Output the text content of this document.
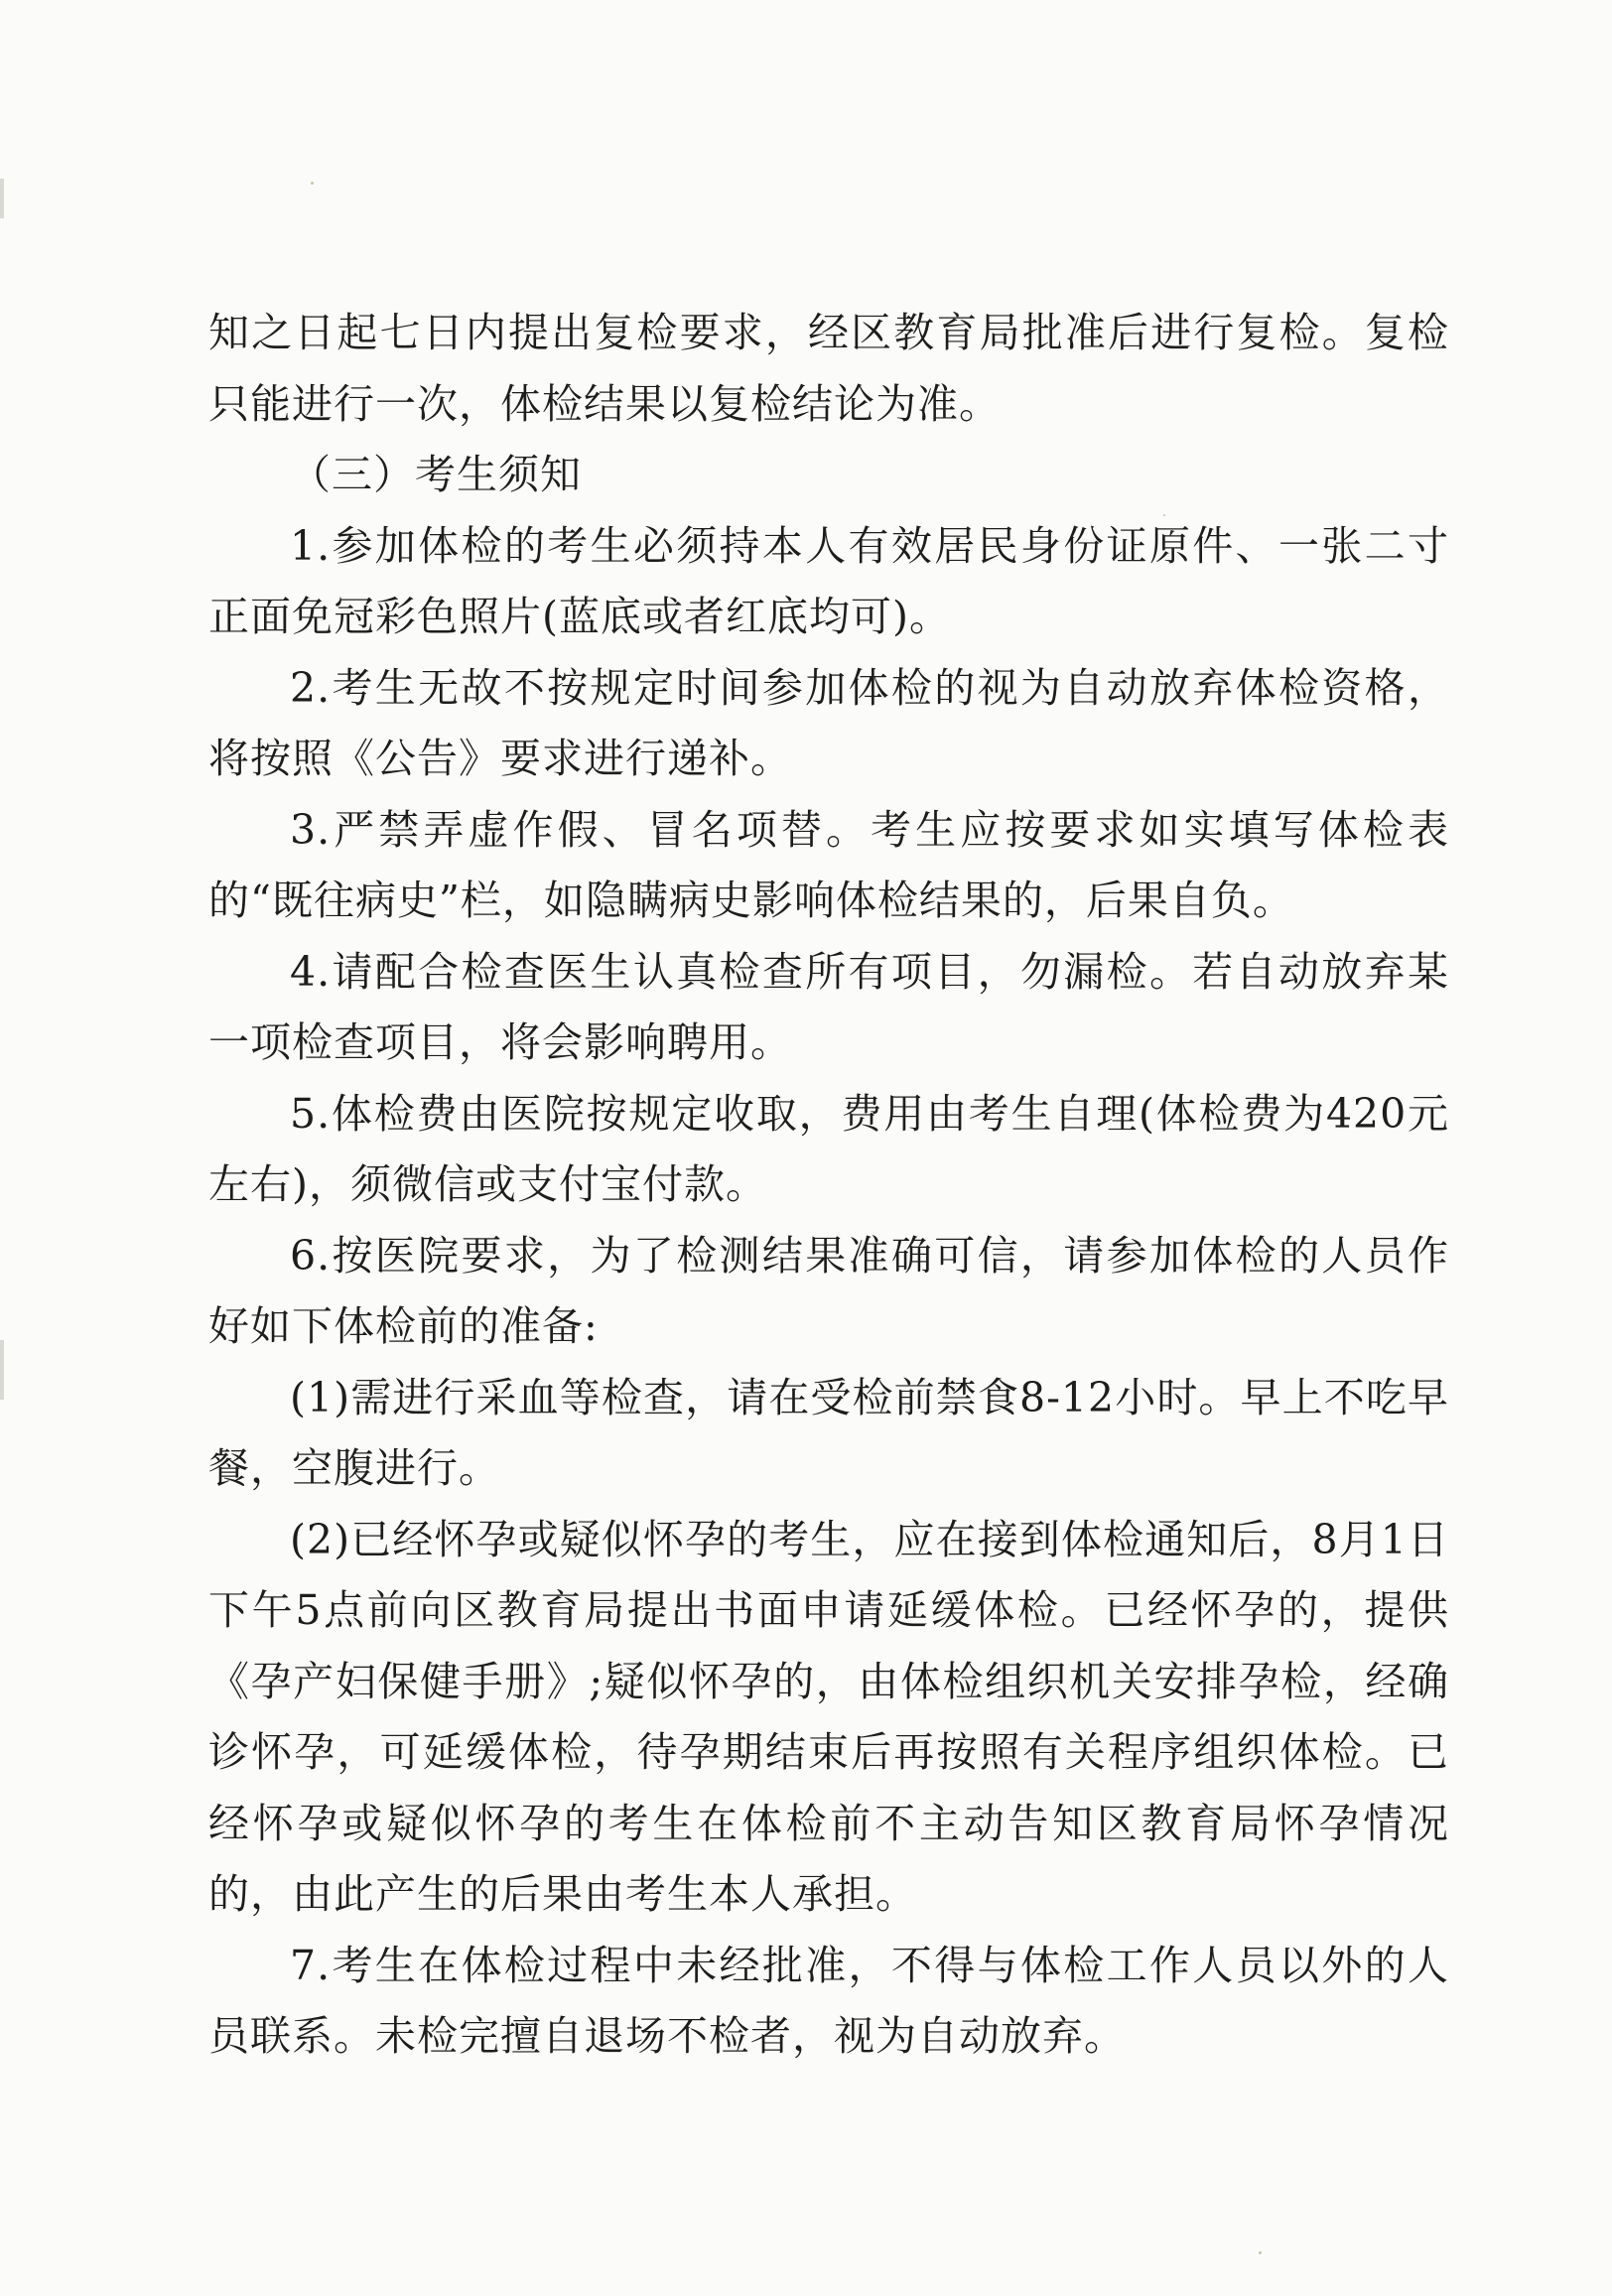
知之日起七日内提出复检要求，经区教育局批准后进行复检。复检只能进行一次，体检结果以复检结论为准。

（三）考生须知

1.参加体检的考生必须持本人有效居民身份证原件、一张二寸正面免冠彩色照片(蓝底或者红底均可)。

2.考生无故不按规定时间参加体检的视为自动放弃体检资格，将按照《公告》要求进行递补。

3.严禁弄虚作假、冒名项替。考生应按要求如实填写体检表的“既往病史”栏，如隐瞒病史影响体检结果的，后果自负。

4.请配合检查医生认真检查所有项目，勿漏检。若自动放弃某一项检查项目，将会影响聘用。

5.体检费由医院按规定收取，费用由考生自理(体检费为420元左右)，须微信或支付宝付款。

6.按医院要求，为了检测结果准确可信，请参加体检的人员作好如下体检前的准备:

(1)需进行采血等检查，请在受检前禁食8-12小时。早上不吃早餐，空腹进行。

(2)已经怀孕或疑似怀孕的考生，应在接到体检通知后，8月1日下午5点前向区教育局提出书面申请延缓体检。已经怀孕的，提供《孕产妇保健手册》;疑似怀孕的，由体检组织机关安排孕检，经确诊怀孕，可延缓体检，待孕期结束后再按照有关程序组织体检。已经怀孕或疑似怀孕的考生在体检前不主动告知区教育局怀孕情况的，由此产生的后果由考生本人承担。

7.考生在体检过程中未经批准，不得与体检工作人员以外的人员联系。未检完擅自退场不检者，视为自动放弃。
